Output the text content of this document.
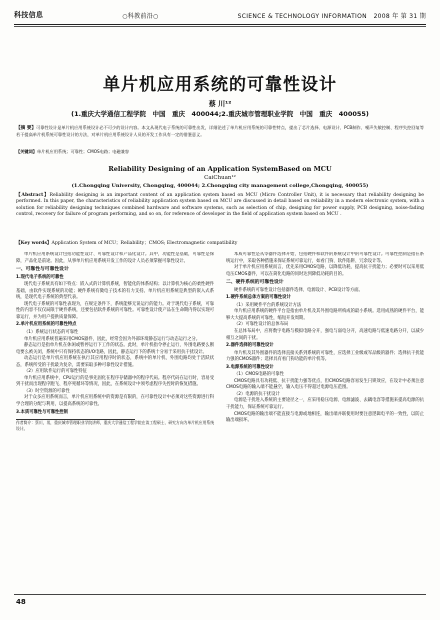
科技信息	○科教前沿○	SCIENCE & TECHNOLOGY INFORMATION 2008 年 第 31 期
单片机应用系统的可靠性设计
蔡 川¹²
(1.重庆大学通信工程学院　中国　重庆　400044;2.重庆城市管理职业学院　中国　重庆　400055)
【摘 要】可靠性设计是单片机应用系统设计必不可少的设计内容。本文从现代电子系统的可靠性出发，详细论述了单片机应用系统的可靠性特点，提出了芯片选择、电源设计、PCB制作、噪声失敏控制、程序失控回复等若干提高单片机系统可靠性设计的方法，对单片机应用系统设计人员的开发工作具有一定的借鉴意义。
【关键词】单片机应用系统；可靠性；CMOS电路；电磁兼容
Reliability Designing of an Application SystemBased on MCU
CaiChuan¹²
(1.Chongqing University, Chongqing, 400044; 2.Chongqing city management college,Chongqing, 400055)
【Abstract】Reliability designing is an important content of an application system based on MCU (Micro Controller Unit), it is necessary that reliability designing be performed. In this paper, the characteristics of reliability application system based on MCU are discussed in detail based on reliability in a modern electronic system, with a solution for reliability designing techniques combined hardware and software systems, such as selection of chip, designing for power supply, PCB designing, noise-fading control, recovery for failure of program performing, and so on, for reference of developer in the field of application system based on MCU .
【Key words】Application System of MCU；Reliability；CMOS; Electromagnetic compatibility

单片机应用系统设计包括功能性设计、可靠性设计和产品化设计。其中，功能性是基础，可靠性是保障，产品化是前途。因此，从事单片机应用系统开发工作的设计人员必须掌握可靠性设计。

一、可靠性与可靠性设计
1.现代电子系统的可靠性

现代电子系统具有如下特点：嵌入式的计算机系统，智能化的体系结构；以计算机为核心的柔性硬件基础，由软件实现系统的功能；硬件系统有微电子技术的有力支持。单片机应用系统是典型的嵌入式系统，是现代电子系统的典型代表。

现代电子系统的可靠性表现为，在规定条件下，系统能够无误运行的能力。对于现代电子系统，可靠性的内容不仅仅局限于硬件系统，还要包括软件系统的可靠性。可靠性设计使产品在生命期内得以实现可靠运行，并为用户提供质量保障。

2.单片机应用系统的可靠性特点

（1）系统运行状态的可靠性

单片机应用系统普遍采用CMOS器件，因此，经常会因为外部环境静态运行与动态运行之分。

静态运行是指单片机在休闲或暂停运行下工作的状态。此时，单片机指令停止运行，外围电路要么断电要么被关闭，系统中只有保持状态的I/O电路，因此，静态运行下的系统十分易于采用抗干扰设计。

动态运行是单片机应用系统在执行其应用程序时的状态，系统中的单片机、外围电路均处于活跃状态，系统所受的干扰最为复杂，需要采取多种可靠性设计措施。

（2）应用软件运行的可靠性特征

单片机应用系统中，CPU运行的是事先固化在程序存储器中的程序代码。程序代码在运行时，容易受到干扰而出现程序跑飞、程序死循环等情况，因此，在系统设计中须考虑程序失控时的恢复措施。

（3）时空资源的可靠性

对于众多应用系统而言，单片机应用系统中的资源是有限的，在可靠性设计中必须对这些资源进行科学合理的分配与利用，以提高系统的可靠性。

3.本质可靠性与可靠性控制
作者简介：蔡川，男，重庆城市管理职业学院讲师，重庆大学通信工程学院在读工程硕士，研究方向为单片机应用系统设计。

本质可靠性是从零器件选择开始，包括硬件和软件的系统设计中的可靠性设计。可靠性控制是指在系统运行中，采取各种措施来保证系统可靠运行，如看门狗、软件陷阱、冗余设计等。

对于单片机应用系统而言，优先采用CMOS电路，以降低功耗、提高抗干扰能力；必要时可以采用低电压CMOS器件，可以在简化电路的同时达到降低功耗的目的。

二、硬件系统的可靠性设计

硬件系统的可靠性设计包括器件选择、电源设计、PCB设计等方面。

1.硬件系统总体方案的可靠性设计

（1）采用硬件平台的系统设计方法

单片机应用系统的硬件平台是指由单片机及其外围电路所构成的最小系统。选用成熟的硬件平台，能够大大提高系统的可靠性，缩短开发周期。

（2）可靠性设计的总体布局

在总体布局中，应将数字电路与模拟电路分开，强电与弱电分开，高速电路与低速电路分开，以减少相互之间的干扰。

2.器件选择的可靠性设计

单片机及其外围器件的选择直接关系到系统的可靠性，应选择工业级或军品级的器件；选择抗干扰能力强的CMOS器件；选择具有看门狗功能的单片机等。

3.电源系统的可靠性设计

（1）CMOS电路的可靠性

CMOS电路具有功耗低、抗干扰能力强等优点，但CMOS电路容易发生闩锁效应，在设计中必须注意CMOS电路的输入端不能悬空，输入电压不得超过电源电压范围。

（2）电源的抗干扰设计

电源是干扰进入系统的主要途径之一，应采用稳压电源、电源滤波、去耦电容等措施来提高电源的抗干扰能力，保证系统可靠运行。

CMOS电路的输出端不能直接与电源或地相连，输出端并联使用时要注意逻辑电平的一致性，以防止输出端损坏。

48
